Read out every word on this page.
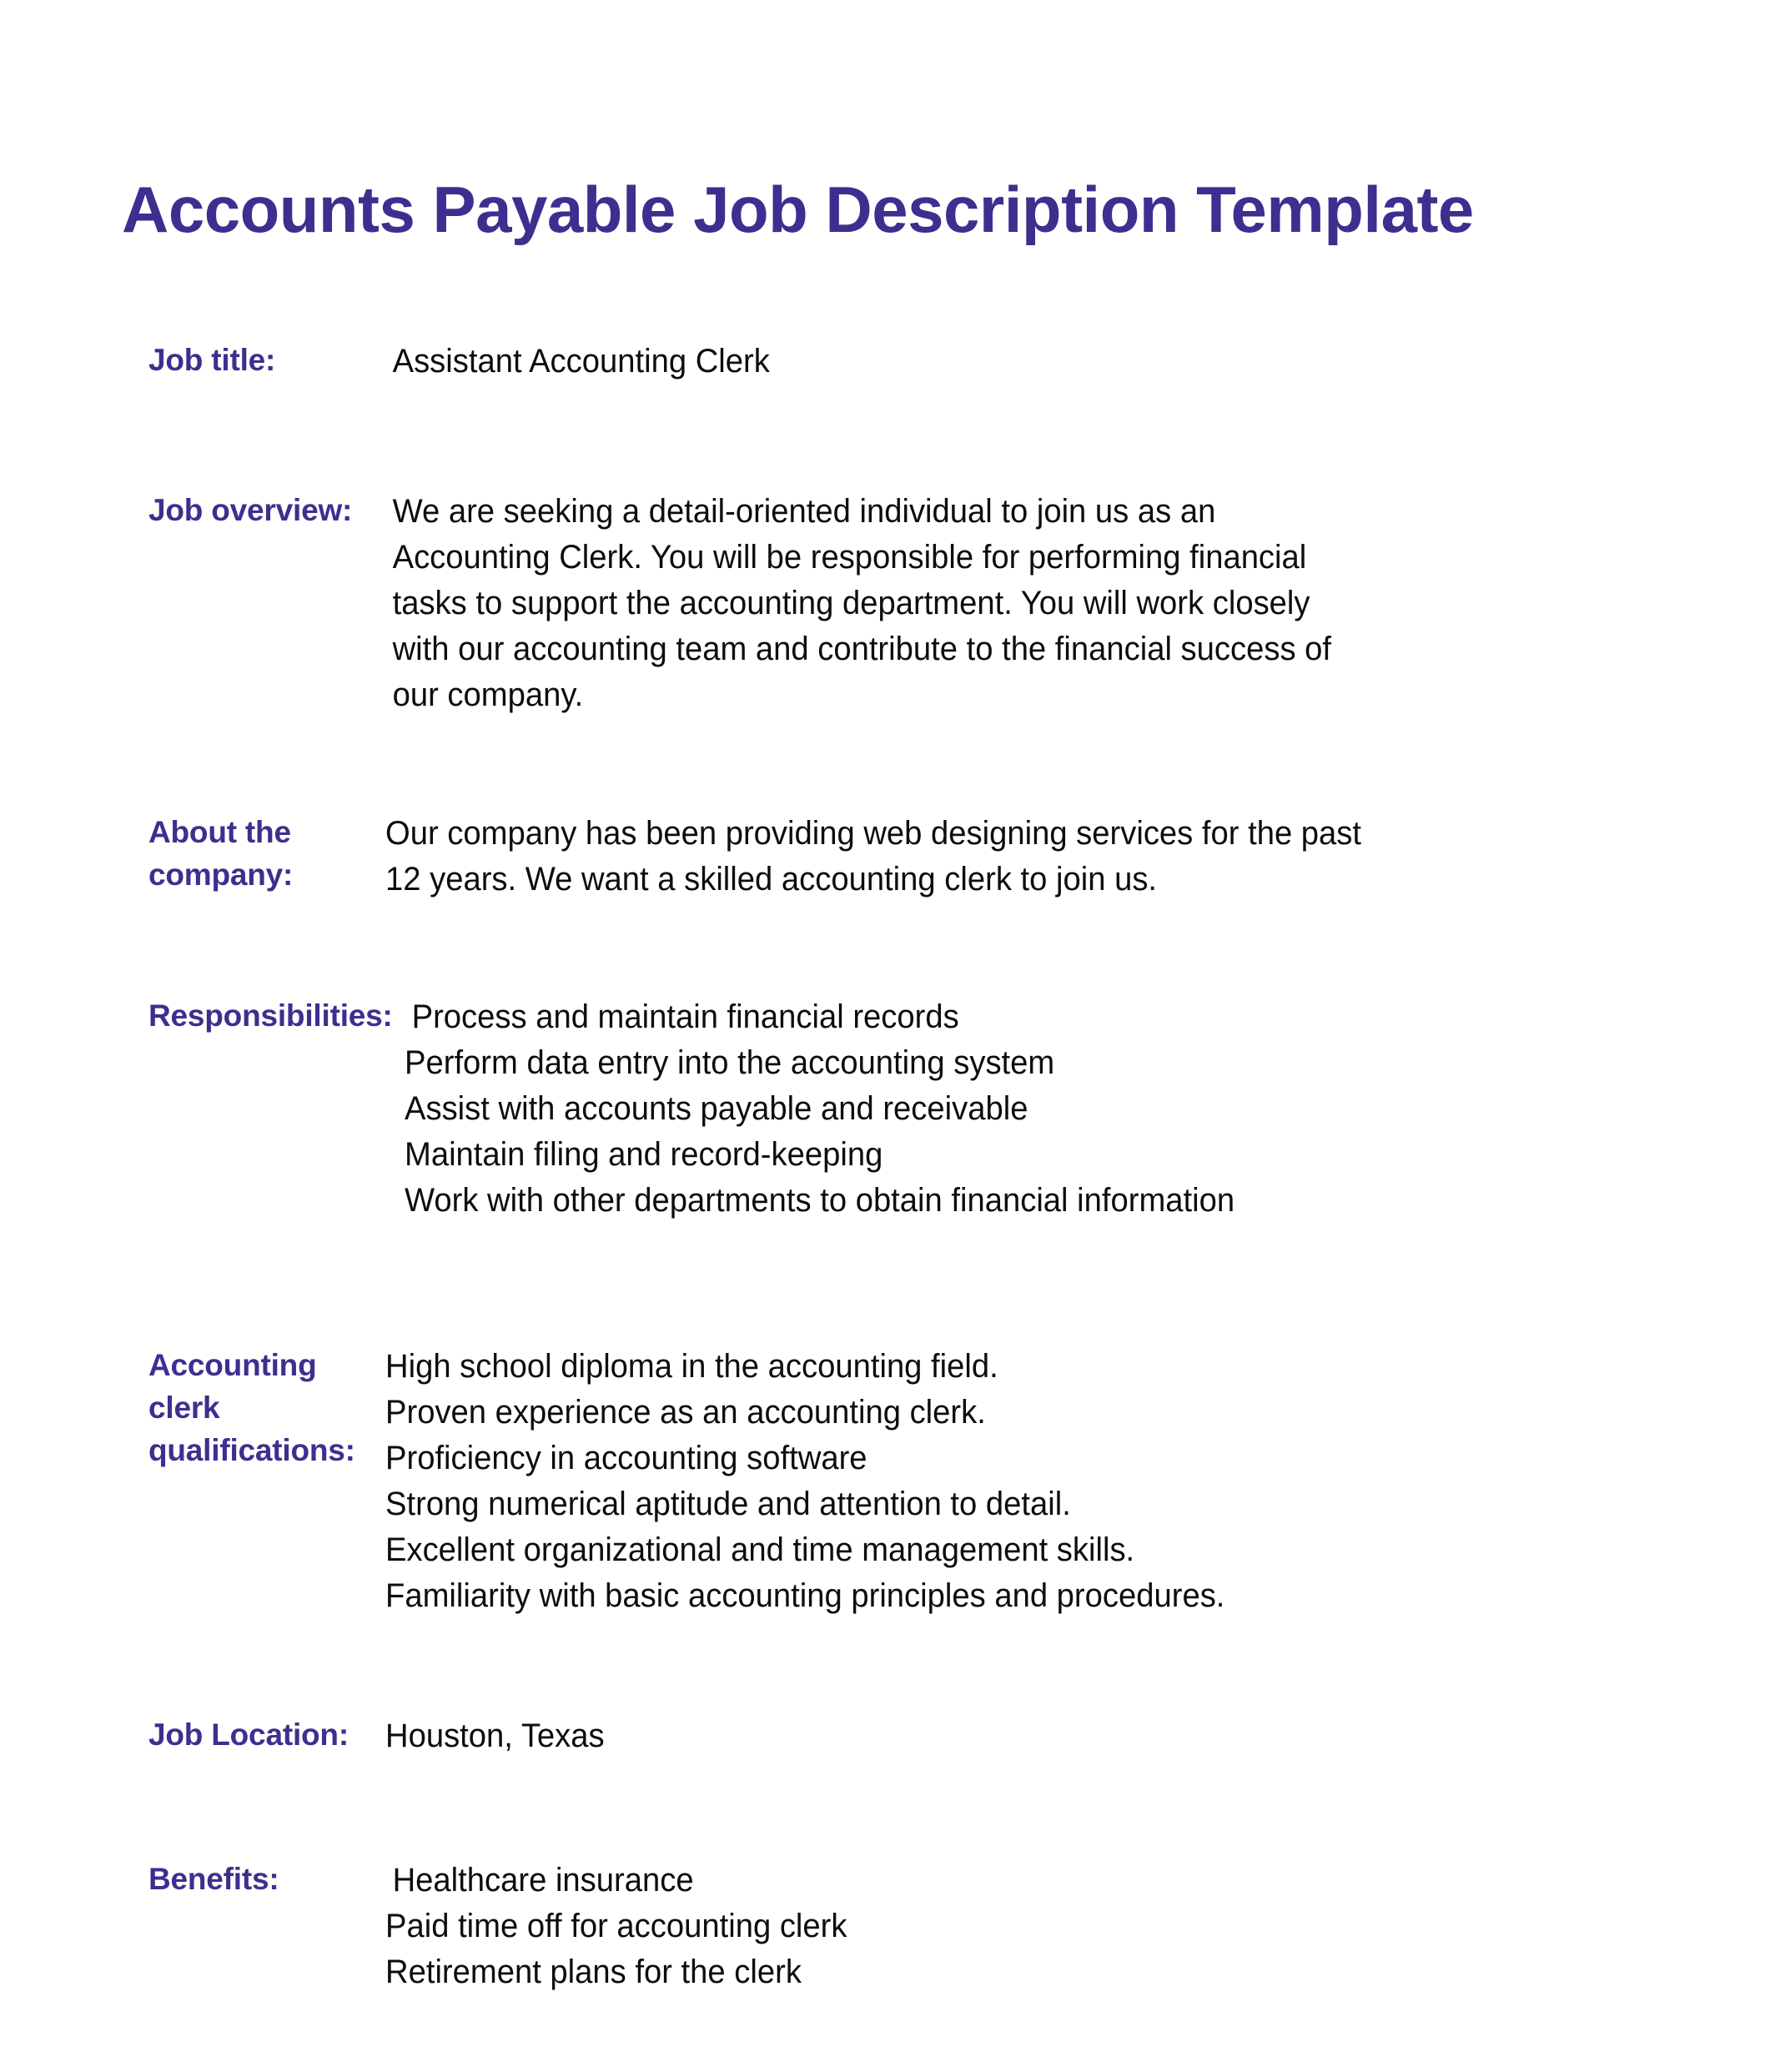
Accounts Payable Job Description Template
Job title:	Assistant Accounting Clerk

Job overview:	We are seeking a detail-oriented individual to join us as an Accounting Clerk. You will be responsible for performing financial tasks to support the accounting department. You will work closely with our accounting team and contribute to the financial success of our company.

About the
company:

Our company has been providing web designing services for the past 12 years. We want a skilled accounting clerk to join us.

Responsibilities: Process and maintain financial records
Perform data entry into the accounting system
Assist with accounts payable and receivable
Maintain filing and record-keeping
Work with other departments to obtain financial information
Accounting clerk
qualifications:
High school diploma in the accounting field.
Proven experience as an accounting clerk.
Proficiency in accounting software
Strong numerical aptitude and attention to detail.
Excellent organizational and time management skills.
Familiarity with basic accounting principles and procedures.
Job Location:	Houston, Texas

Benefits:	Healthcare insurance
Paid time off for accounting clerk
Retirement plans for the clerk
